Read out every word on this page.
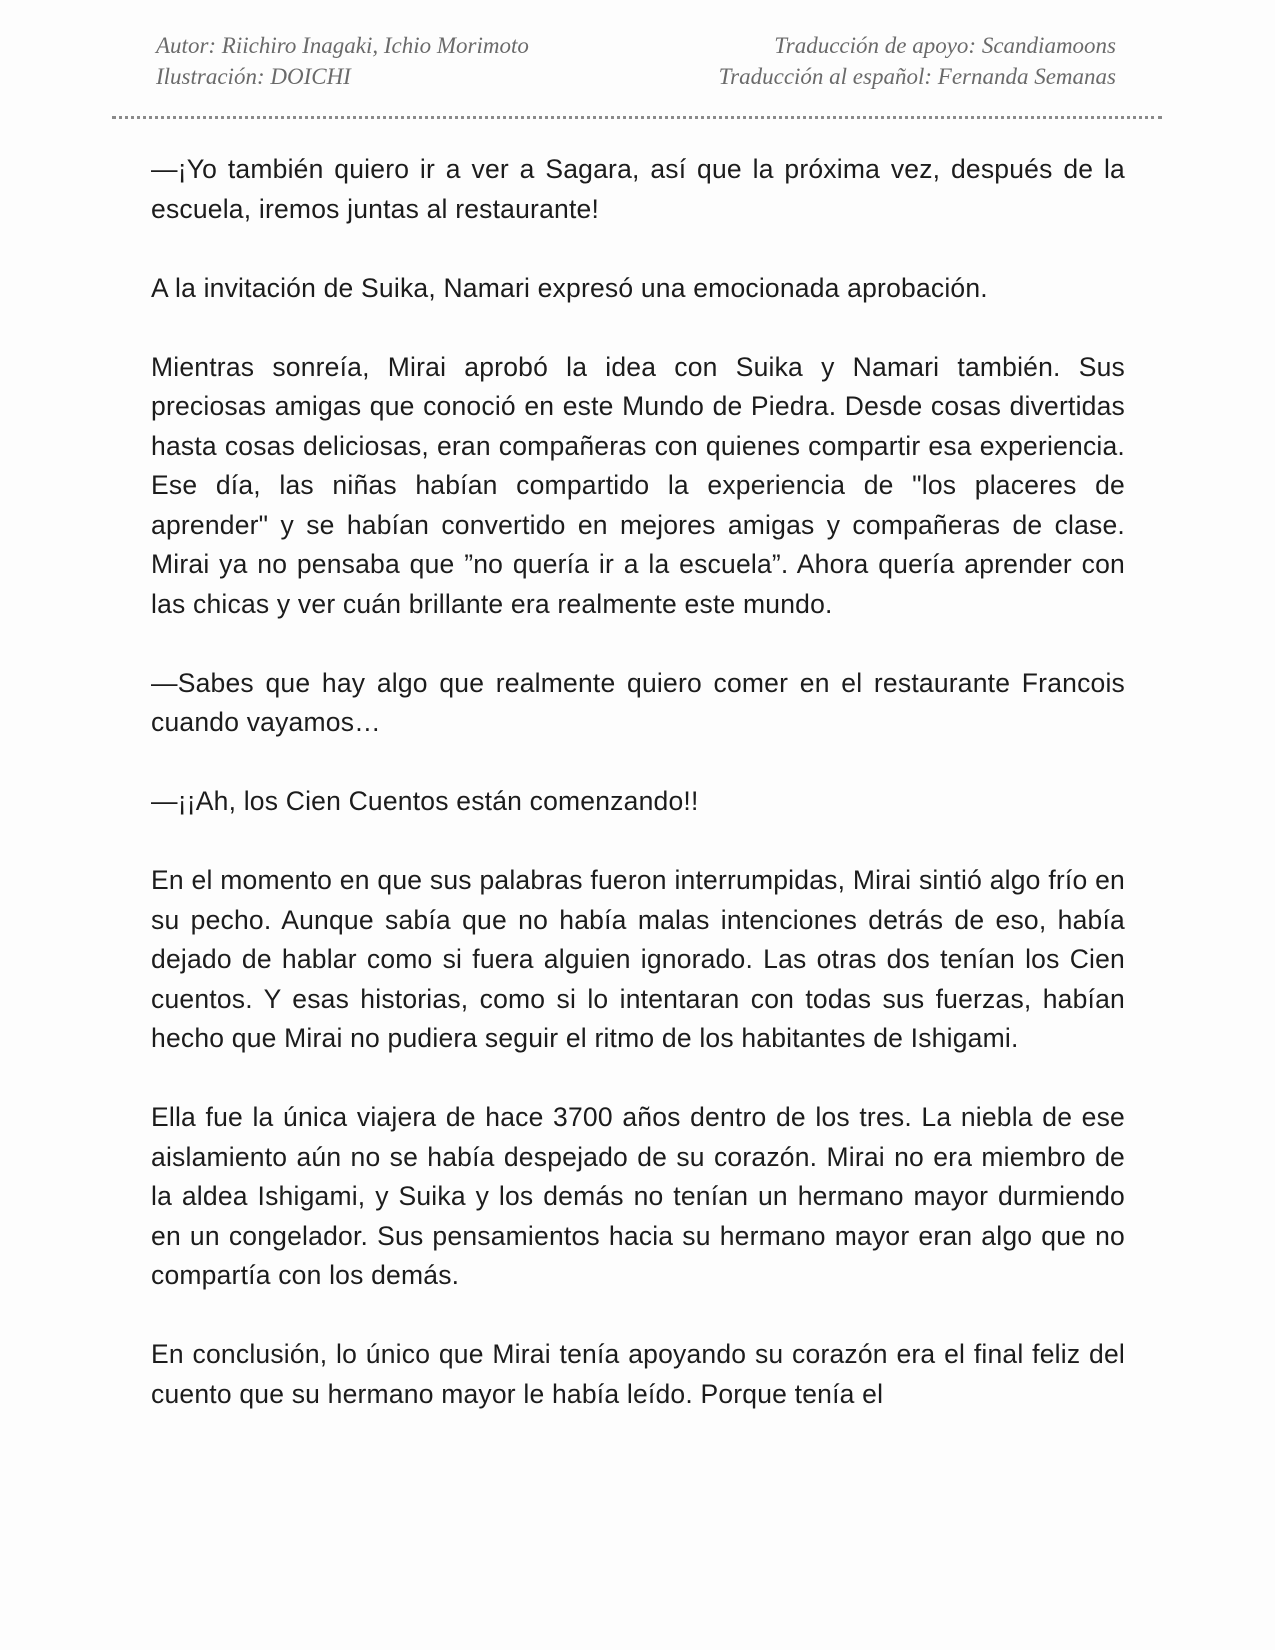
Autor: Riichiro Inagaki, Ichio Morimoto
Ilustración: DOICHI
Traducción de apoyo: Scandiamoons
Traducción al español: Fernanda Semanas

—¡Yo también quiero ir a ver a Sagara, así que la próxima vez, después de la escuela, iremos juntas al restaurante!

A la invitación de Suika, Namari expresó una emocionada aprobación.

Mientras sonreía, Mirai aprobó la idea con Suika y Namari también. Sus preciosas amigas que conoció en este Mundo de Piedra. Desde cosas divertidas hasta cosas deliciosas, eran compañeras con quienes compartir esa experiencia. Ese día, las niñas habían compartido la experiencia de "los placeres de aprender" y se habían convertido en mejores amigas y compañeras de clase. Mirai ya no pensaba que ”no quería ir a la escuela”. Ahora quería aprender con las chicas y ver cuán brillante era realmente este mundo.

—Sabes que hay algo que realmente quiero comer en el restaurante Francois cuando vayamos…

—¡¡Ah, los Cien Cuentos están comenzando!!

En el momento en que sus palabras fueron interrumpidas, Mirai sintió algo frío en su pecho. Aunque sabía que no había malas intenciones detrás de eso, había dejado de hablar como si fuera alguien ignorado. Las otras dos tenían los Cien cuentos. Y esas historias, como si lo intentaran con todas sus fuerzas, habían hecho que Mirai no pudiera seguir el ritmo de los habitantes de Ishigami.

Ella fue la única viajera de hace 3700 años dentro de los tres. La niebla de ese aislamiento aún no se había despejado de su corazón. Mirai no era miembro de la aldea Ishigami, y Suika y los demás no tenían un hermano mayor durmiendo en un congelador. Sus pensamientos hacia su hermano mayor eran algo que no compartía con los demás.

En conclusión, lo único que Mirai tenía apoyando su corazón era el final feliz del cuento que su hermano mayor le había leído. Porque tenía el
